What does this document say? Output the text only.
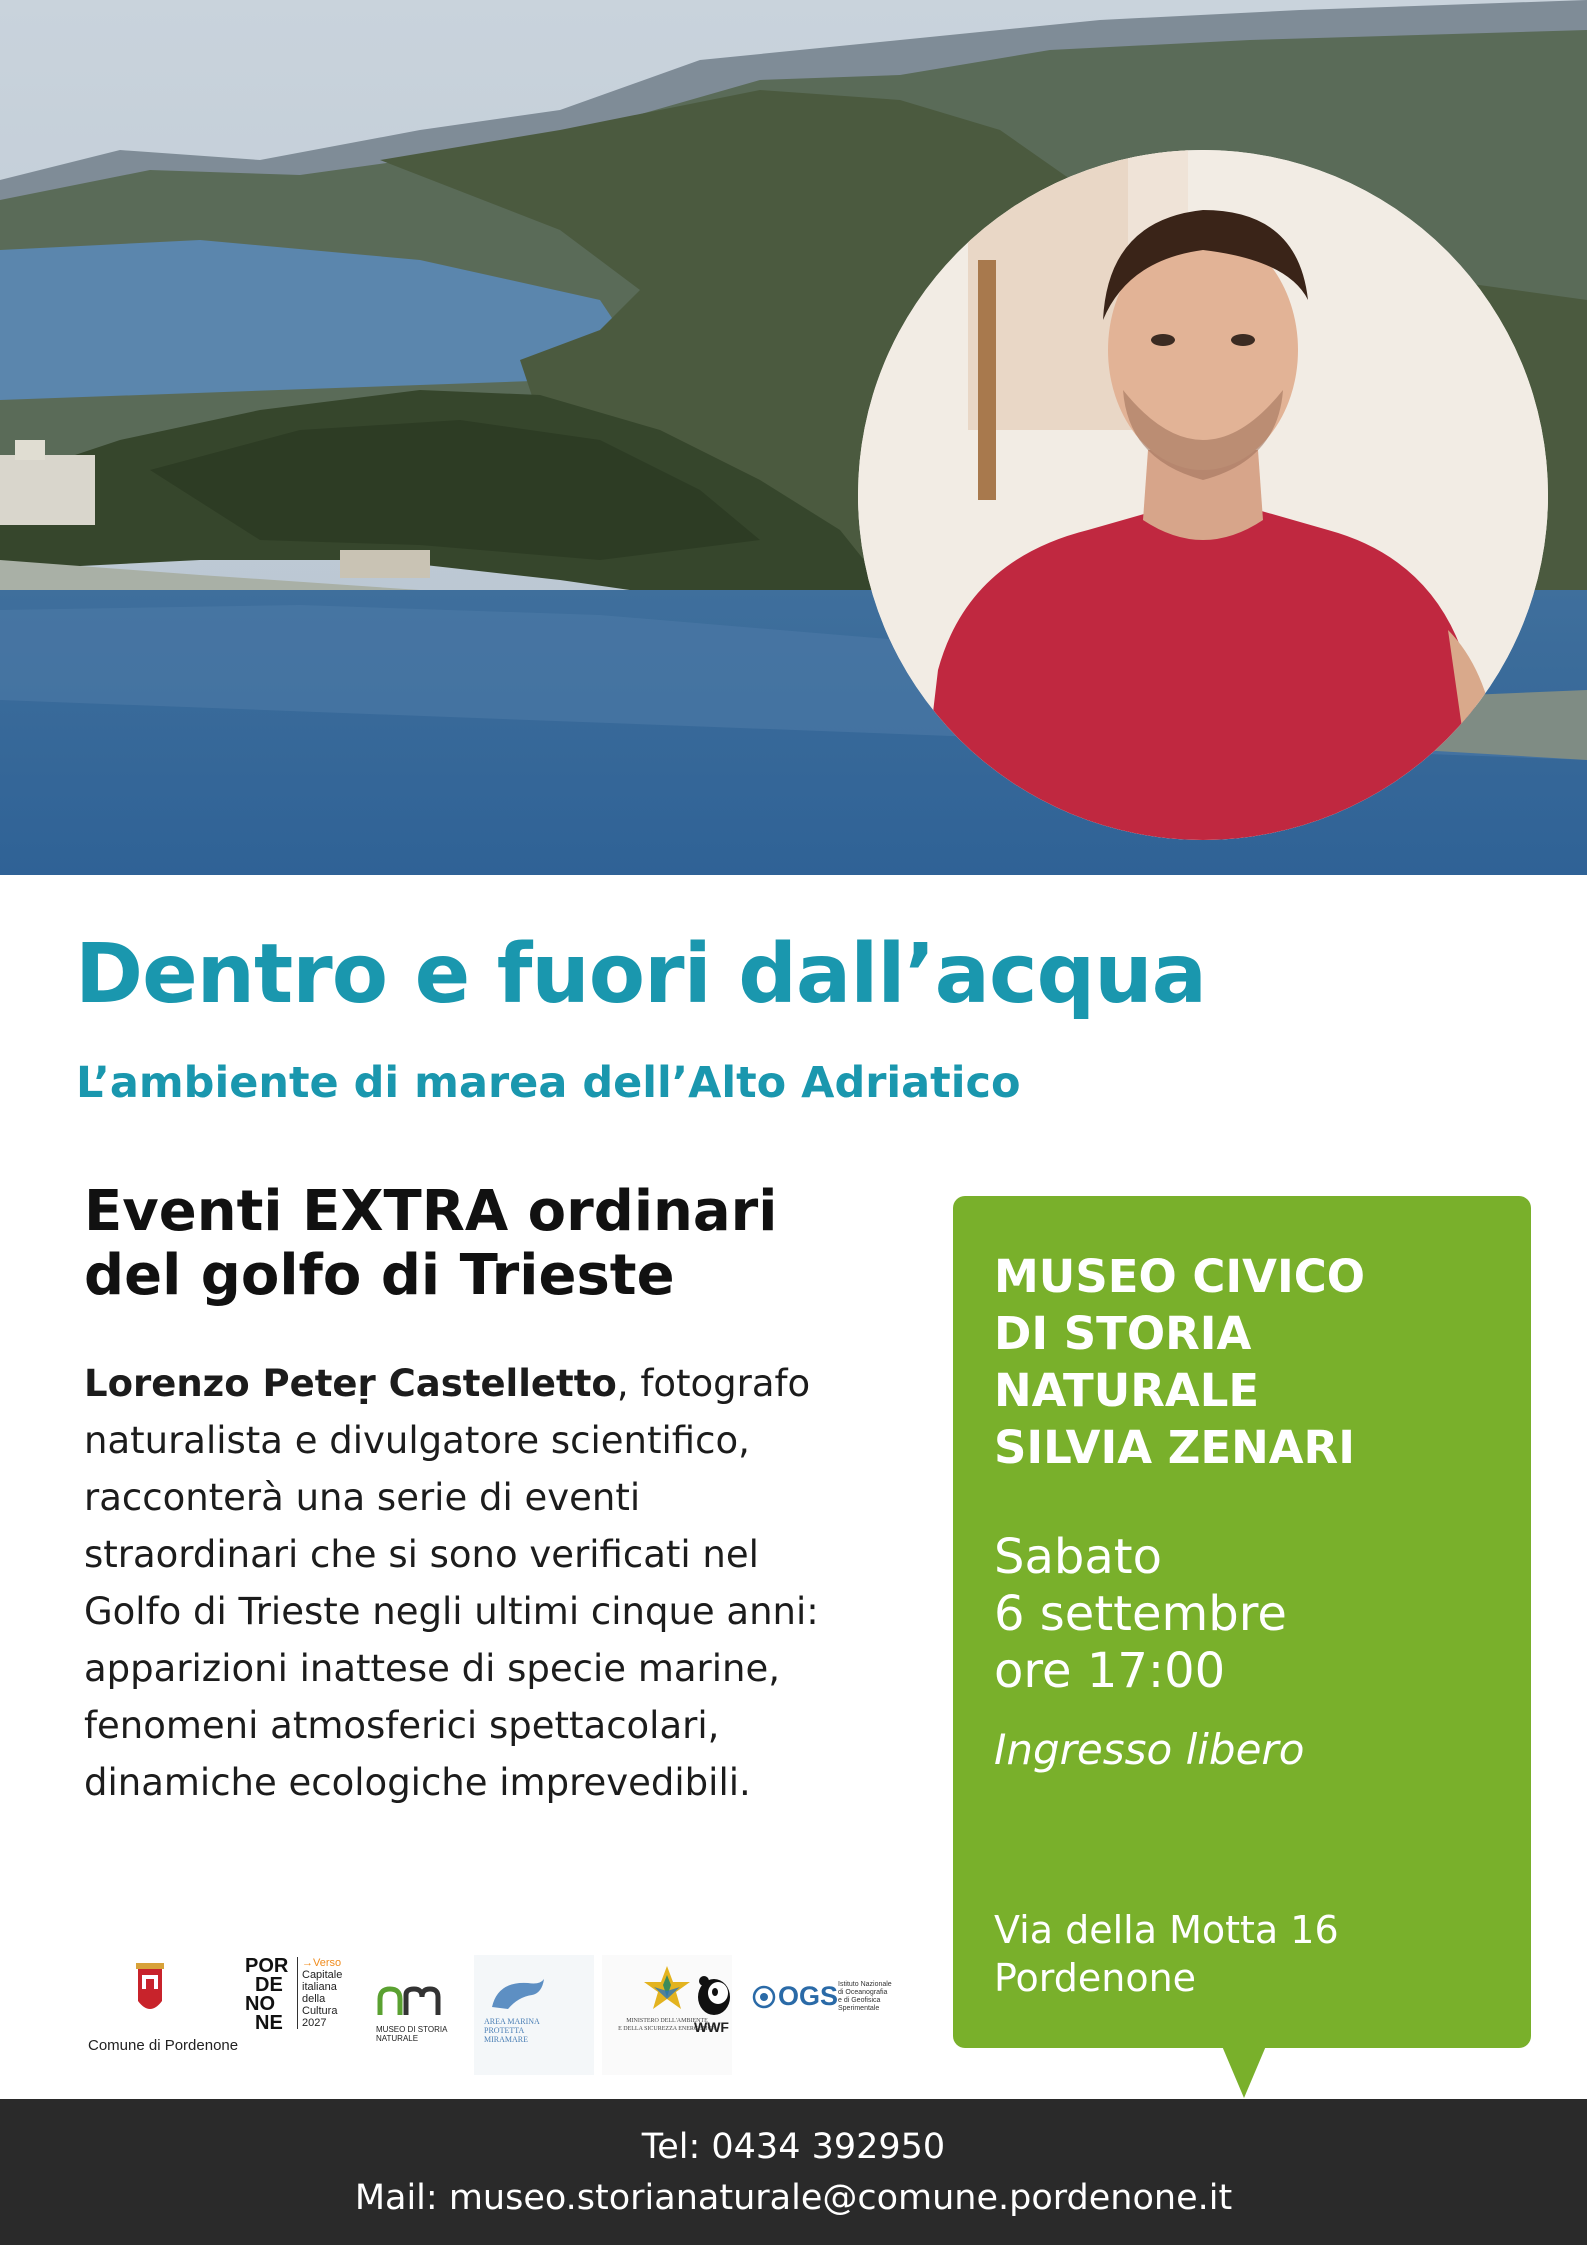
Dentro e fuori dall’acqua
L’ambiente di marea dell’Alto Adriatico
Eventi EXTRA ordinari
del golfo di Trieste

Lorenzo Peteṛ Castelletto, fotografo naturalista e divulgatore scientifico, racconterà una serie di eventi straordinari che si sono verificati nel Golfo di Trieste negli ultimi cinque anni: apparizioni inattese di specie marine, fenomeni atmosferici spettacolari, dinamiche ecologiche imprevedibili.

Comune di Pordenone
POR
DE
NO
NE
→Verso
Capitale
italiana
della
Cultura
2027
MUSEO DI STORIA
NATURALE
AREA MARINA
PROTETTA
MIRAMARE
MINISTERO DELL'AMBIENTE
E DELLA SICUREZZA ENERGETICA
WWF
OGS Istituto Nazionale
di Oceanografia
e di Geofisica
Sperimentale
MUSEO CIVICO
DI STORIA
NATURALE
SILVIA ZENARI

Sabato
6 settembre
ore 17:00

Ingresso libero

Via della Motta 16
Pordenone

Tel: 0434 392950

Mail: museo.storianaturale@comune.pordenone.it
